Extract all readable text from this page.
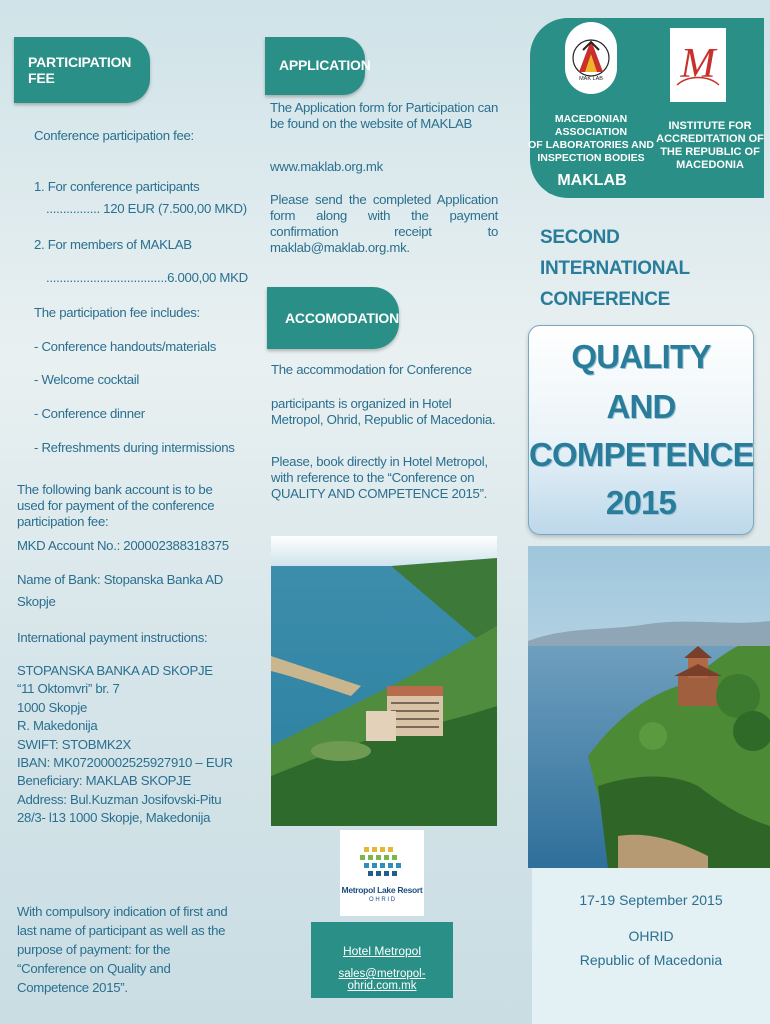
PARTICIPATION FEE
Conference participation fee:
1. For conference participants
................ 120 EUR (7.500,00 MKD)
2. For members of MAKLAB
....................................6.000,00 MKD
The participation fee includes:
- Conference handouts/materials
- Welcome cocktail
- Conference dinner
- Refreshments during intermissions
The following bank account is to be used for payment of the conference participation fee:
MKD Account No.: 200002388318375
Name of Bank: Stopanska Banka AD
Skopje
International payment instructions:

STOPANSKA BANKA AD SKOPJE

“11 Oktomvri” br. 7

1000 Skopje

R. Makedonija

SWIFT: STOBMK2X

IBAN: MK07200002525927910 – EUR

Beneficiary: MAKLAB SKOPJE

Address: Bul.Kuzman Josifovski-Pitu

28/3- l13 1000 Skopje, Makedonija

With compulsory indication of first and last name of participant as well as the purpose of payment: for the “Conference on Quality and Competence 2015”.
APPLICATION
The Application form for Participation can be found on the website of MAKLAB
www.maklab.org.mk
Please send the completed Application form along with the payment confirmation receipt to maklab@maklab.org.mk.
ACCOMODATION
The accommodation for Conference
participants is organized in Hotel Metropol, Ohrid, Republic of Macedonia.
Please, book directly in Hotel Metropol, with reference to the “Conference on QUALITY AND COMPETENCE 2015”.
Metropol Lake Resort
O H R I D
Hotel Metropol
sales@metropol-ohrid.com.mk
MAK LAB
MACEDONIAN ASSOCIATION
OF LABORATORIES AND
INSPECTION BODIES
MAKLAB
M
INSTITUTE FOR
ACCREDITATION OF
THE REPUBLIC OF
MACEDONIA
SECOND
INTERNATIONAL
CONFERENCE
QUALITY
AND
COMPETENCE
2015
17-19 September 2015
OHRID
Republic of Macedonia
